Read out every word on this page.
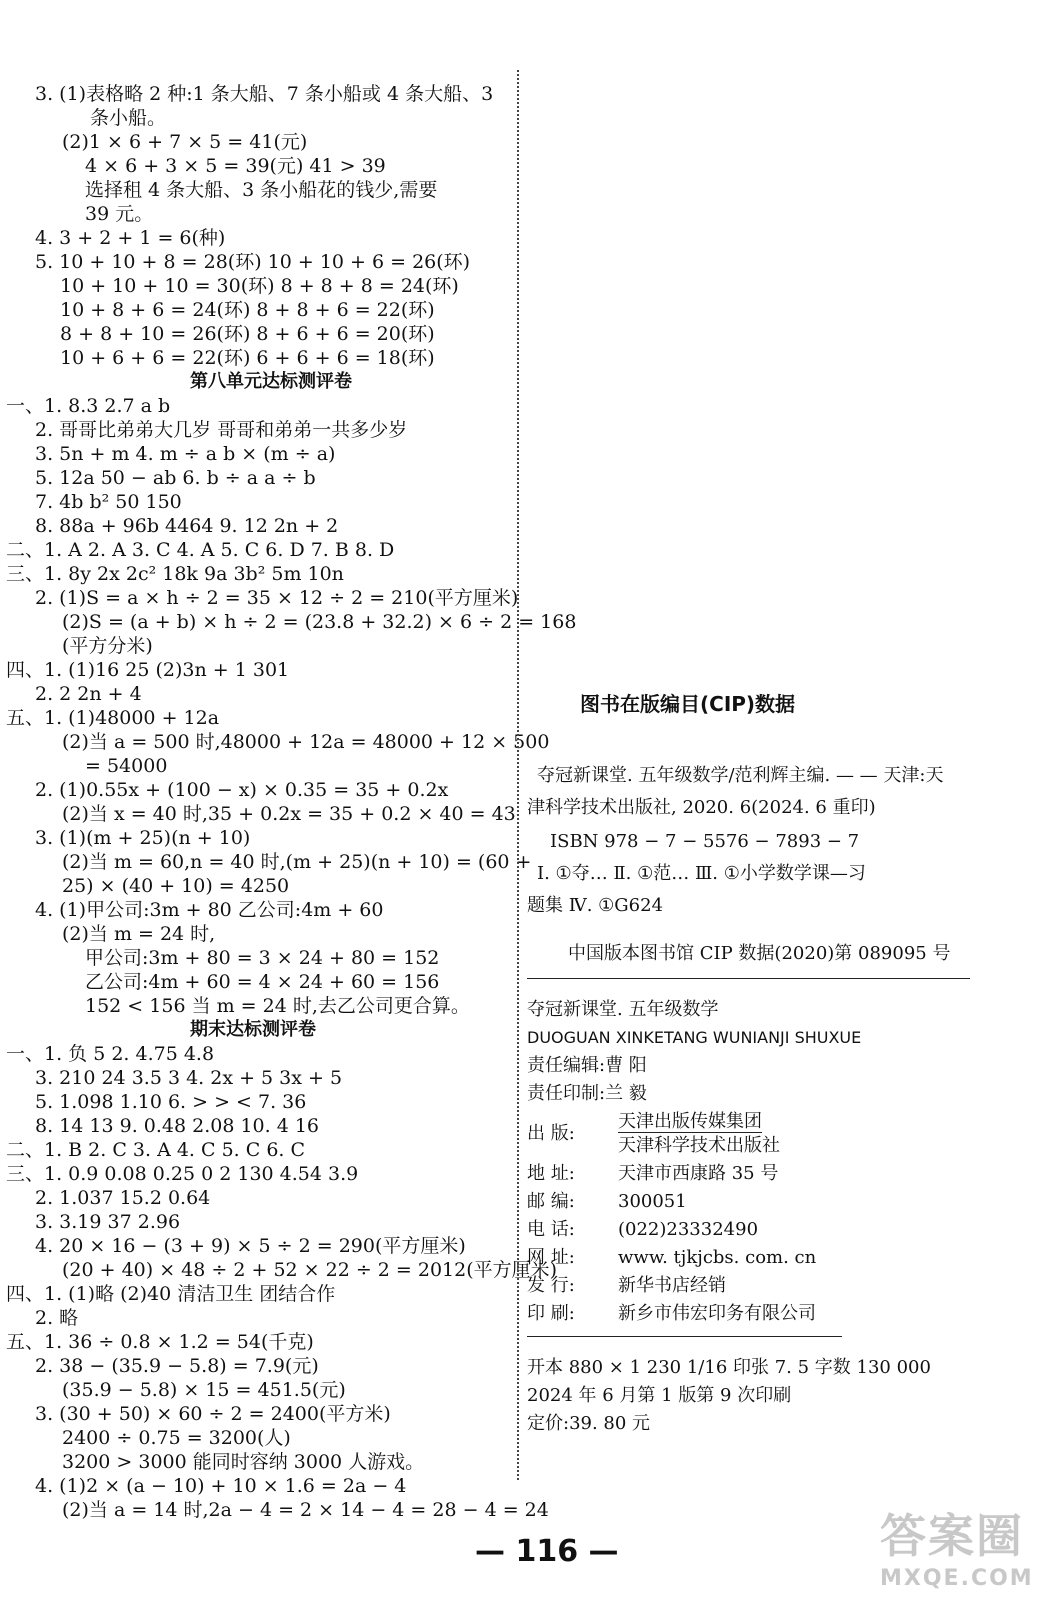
3. (1)表格略 2 种:1 条大船、7 条小船或 4 条大船、3
条小船。
(2)1 × 6 + 7 × 5 = 41(元)
4 × 6 + 3 × 5 = 39(元) 41 > 39
选择租 4 条大船、3 条小船花的钱少,需要
39 元。
4. 3 + 2 + 1 = 6(种)
5. 10 + 10 + 8 = 28(环) 10 + 10 + 6 = 26(环)
10 + 10 + 10 = 30(环) 8 + 8 + 8 = 24(环)
10 + 8 + 6 = 24(环) 8 + 8 + 6 = 22(环)
8 + 8 + 10 = 26(环) 8 + 6 + 6 = 20(环)
10 + 6 + 6 = 22(环) 6 + 6 + 6 = 18(环)
第八单元达标测评卷
一、1. 8.3 2.7 a b
2. 哥哥比弟弟大几岁 哥哥和弟弟一共多少岁
3. 5n + m 4. m ÷ a b × (m ÷ a)
5. 12a 50 − ab 6. b ÷ a a ÷ b
7. 4b b² 50 150
8. 88a + 96b 4464 9. 12 2n + 2
二、1. A 2. A 3. C 4. A 5. C 6. D 7. B 8. D
三、1. 8y 2x 2c² 18k 9a 3b² 5m 10n
2. (1)S = a × h ÷ 2 = 35 × 12 ÷ 2 = 210(平方厘米)
(2)S = (a + b) × h ÷ 2 = (23.8 + 32.2) × 6 ÷ 2 = 168
(平方分米)
四、1. (1)16 25 (2)3n + 1 301
2. 2 2n + 4
五、1. (1)48000 + 12a
(2)当 a = 500 时,48000 + 12a = 48000 + 12 × 500
= 54000
2. (1)0.55x + (100 − x) × 0.35 = 35 + 0.2x
(2)当 x = 40 时,35 + 0.2x = 35 + 0.2 × 40 = 43
3. (1)(m + 25)(n + 10)
(2)当 m = 60,n = 40 时,(m + 25)(n + 10) = (60 +
25) × (40 + 10) = 4250
4. (1)甲公司:3m + 80 乙公司:4m + 60
(2)当 m = 24 时,
甲公司:3m + 80 = 3 × 24 + 80 = 152
乙公司:4m + 60 = 4 × 24 + 60 = 156
152 < 156 当 m = 24 时,去乙公司更合算。
期末达标测评卷
一、1. 负 5 2. 4.75 4.8
3. 210 24 3.5 3 4. 2x + 5 3x + 5
5. 1.098 1.10 6. > > < 7. 36
8. 14 13 9. 0.48 2.08 10. 4 16
二、1. B 2. C 3. A 4. C 5. C 6. C
三、1. 0.9 0.08 0.25 0 2 130 4.54 3.9
2. 1.037 15.2 0.64
3. 3.19 37 2.96
4. 20 × 16 − (3 + 9) × 5 ÷ 2 = 290(平方厘米)
(20 + 40) × 48 ÷ 2 + 52 × 22 ÷ 2 = 2012(平方厘米)
四、1. (1)略 (2)40 清洁卫生 团结合作
2. 略
五、1. 36 ÷ 0.8 × 1.2 = 54(千克)
2. 38 − (35.9 − 5.8) = 7.9(元)
(35.9 − 5.8) × 15 = 451.5(元)
3. (30 + 50) × 60 ÷ 2 = 2400(平方米)
2400 ÷ 0.75 = 3200(人)
3200 > 3000 能同时容纳 3000 人游戏。
4. (1)2 × (a − 10) + 10 × 1.6 = 2a − 4
(2)当 a = 14 时,2a − 4 = 2 × 14 − 4 = 28 − 4 = 24
图书在版编目(CIP)数据
夺冠新课堂. 五年级数学/范利辉主编. — — 天津:天
津科学技术出版社, 2020. 6(2024. 6 重印)
ISBN 978 − 7 − 5576 − 7893 − 7
Ⅰ. ①夺… Ⅱ. ①范… Ⅲ. ①小学数学课—习
题集 Ⅳ. ①G624
中国版本图书馆 CIP 数据(2020)第 089095 号
夺冠新课堂. 五年级数学
DUOGUAN XINKETANG WUNIANJI SHUXUE
责任编辑:曹 阳
责任印制:兰 毅
出 版:
天津出版传媒集团
天津科学技术出版社
地 址: 天津市西康路 35 号
邮 编: 300051
电 话: (022)23332490
网 址: www. tjkjcbs. com. cn
发 行: 新华书店经销
印 刷: 新乡市伟宏印务有限公司
开本 880 × 1 230 1/16 印张 7. 5 字数 130 000
2024 年 6 月第 1 版第 9 次印刷
定价:39. 80 元
— 116 —	答案圈
MXQE.COM
